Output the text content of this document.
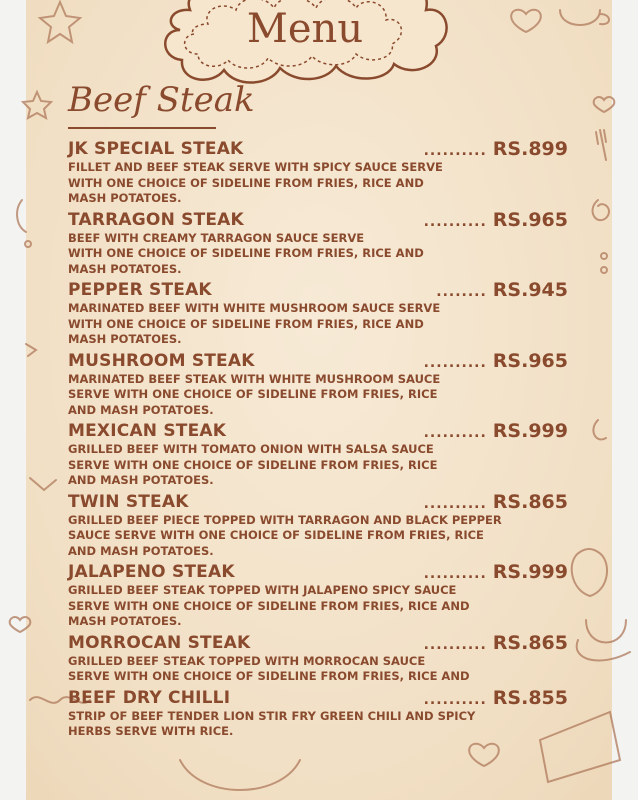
Menu
Beef Steak
JK SPECIAL STEAK	.......... RS.899
FILLET AND BEEF STEAK SERVE WITH SPICY SAUCE SERVE
WITH ONE CHOICE OF SIDELINE FROM FRIES, RICE AND
MASH POTATOES.
TARRAGON STEAK	.......... RS.965
BEEF WITH CREAMY TARRAGON SAUCE SERVE
WITH ONE CHOICE OF SIDELINE FROM FRIES, RICE AND
MASH POTATOES.
PEPPER STEAK	........ RS.945
MARINATED BEEF WITH WHITE MUSHROOM SAUCE SERVE
WITH ONE CHOICE OF SIDELINE FROM FRIES, RICE AND
MASH POTATOES.
MUSHROOM STEAK	.......... RS.965
MARINATED BEEF STEAK WITH WHITE MUSHROOM SAUCE
SERVE WITH ONE CHOICE OF SIDELINE FROM FRIES, RICE
AND MASH POTATOES.
MEXICAN STEAK	.......... RS.999
GRILLED BEEF WITH TOMATO ONION WITH SALSA SAUCE
SERVE WITH ONE CHOICE OF SIDELINE FROM FRIES, RICE
AND MASH POTATOES.
TWIN STEAK	.......... RS.865
GRILLED BEEF PIECE TOPPED WITH TARRAGON AND BLACK PEPPER
SAUCE SERVE WITH ONE CHOICE OF SIDELINE FROM FRIES, RICE
AND MASH POTATOES.
JALAPENO STEAK	.......... RS.999
GRILLED BEEF STEAK TOPPED WITH JALAPENO SPICY SAUCE
SERVE WITH ONE CHOICE OF SIDELINE FROM FRIES, RICE AND
MASH POTATOES.
MORROCAN STEAK	.......... RS.865
GRILLED BEEF STEAK TOPPED WITH MORROCAN SAUCE
SERVE WITH ONE CHOICE OF SIDELINE FROM FRIES, RICE AND
BEEF DRY CHILLI	.......... RS.855
STRIP OF BEEF TENDER LION STIR FRY GREEN CHILI AND SPICY
HERBS SERVE WITH RICE.
